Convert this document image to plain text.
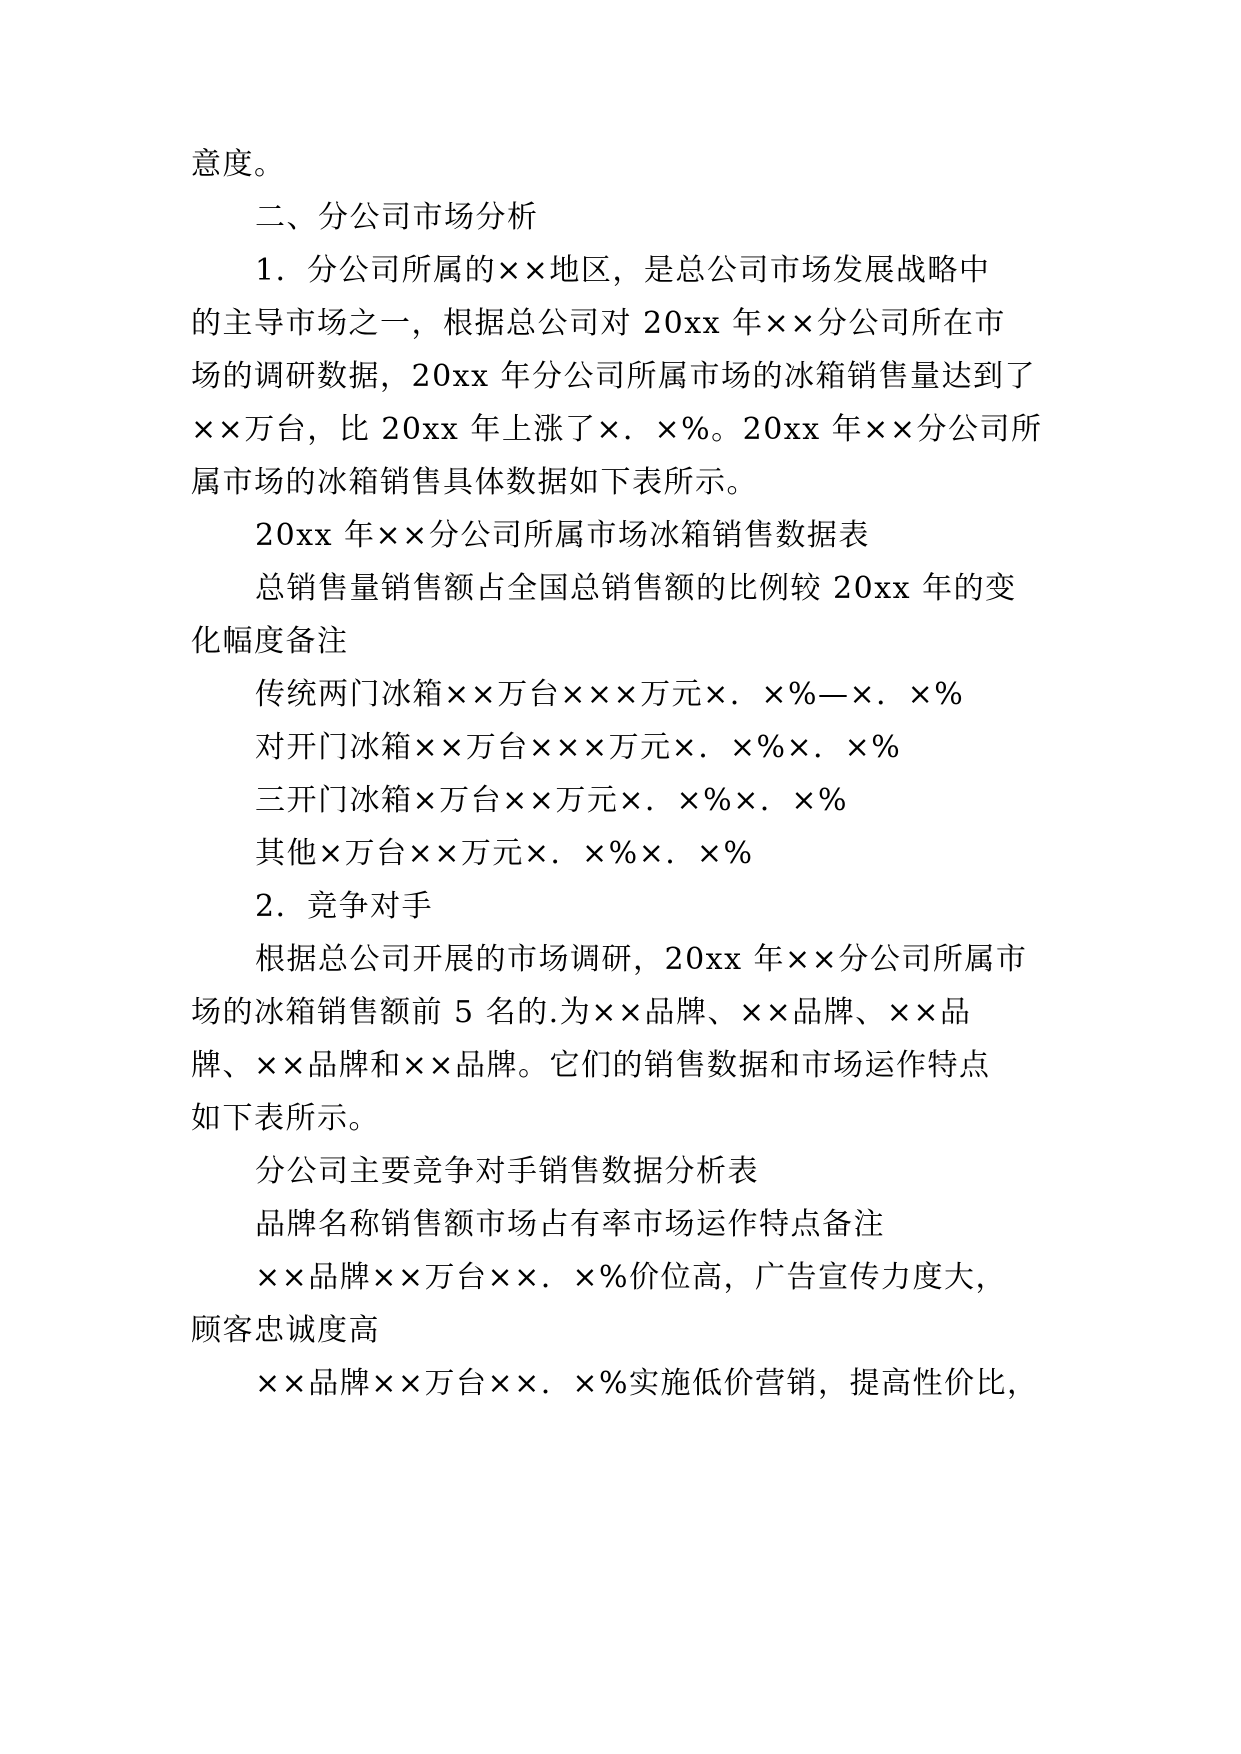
意度。
二、分公司市场分析
1．分公司所属的××地区，是总公司市场发展战略中
的主导市场之一，根据总公司对 20xx 年××分公司所在市
场的调研数据，20xx 年分公司所属市场的冰箱销售量达到了
××万台，比 20xx 年上涨了×．×%。20xx 年××分公司所
属市场的冰箱销售具体数据如下表所示。
20xx 年××分公司所属市场冰箱销售数据表
总销售量销售额占全国总销售额的比例较 20xx 年的变
化幅度备注
传统两门冰箱××万台×××万元×．×%—×．×%
对开门冰箱××万台×××万元×．×%×．×%
三开门冰箱×万台××万元×．×%×．×%
其他×万台××万元×．×%×．×%
2．竞争对手
根据总公司开展的市场调研，20xx 年××分公司所属市
场的冰箱销售额前 5 名的.为××品牌、××品牌、××品
牌、××品牌和××品牌。它们的销售数据和市场运作特点
如下表所示。
分公司主要竞争对手销售数据分析表
品牌名称销售额市场占有率市场运作特点备注
××品牌××万台××．×%价位高，广告宣传力度大，
顾客忠诚度高
××品牌××万台××．×%实施低价营销，提高性价比，
